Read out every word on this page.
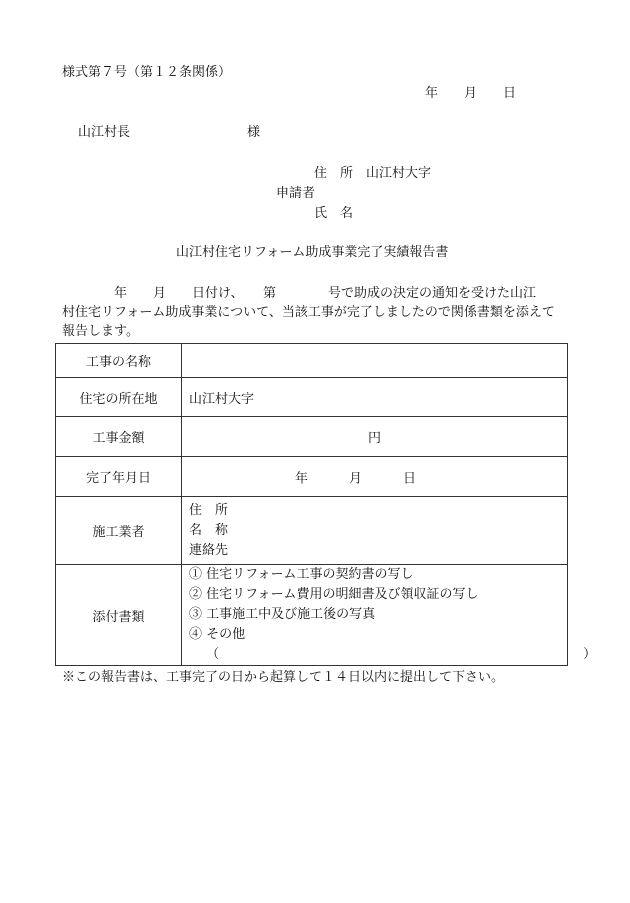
様式第７号（第１２条関係）
年　　月　　日
山江村長　　　　　　　　　様
住　所　山江村大字
申請者
氏　名
山江村住宅リフォーム助成事業完了実績報告書
　　　　年　　月　　日付け、　　第　　　　号で助成の決定の通知を受けた山江
村住宅リフォーム助成事業について、当該工事が完了しましたので関係書類を添えて
報告します。
工事の名称	
住宅の所在地	山江村大字
工事金額	円
完了年月日	年 月 日

施工業者	住　所
名　称
連絡先

添付書類	① 住宅リフォーム工事の契約書の写し
② 住宅リフォーム費用の明細書及び領収証の写し
③ 工事施工中及び施工後の写真
④ その他
　 （　　　　　　　　　　　　　　　　　　　　　　　　　　　　）
※この報告書は、工事完了の日から起算して１４日以内に提出して下さい。
